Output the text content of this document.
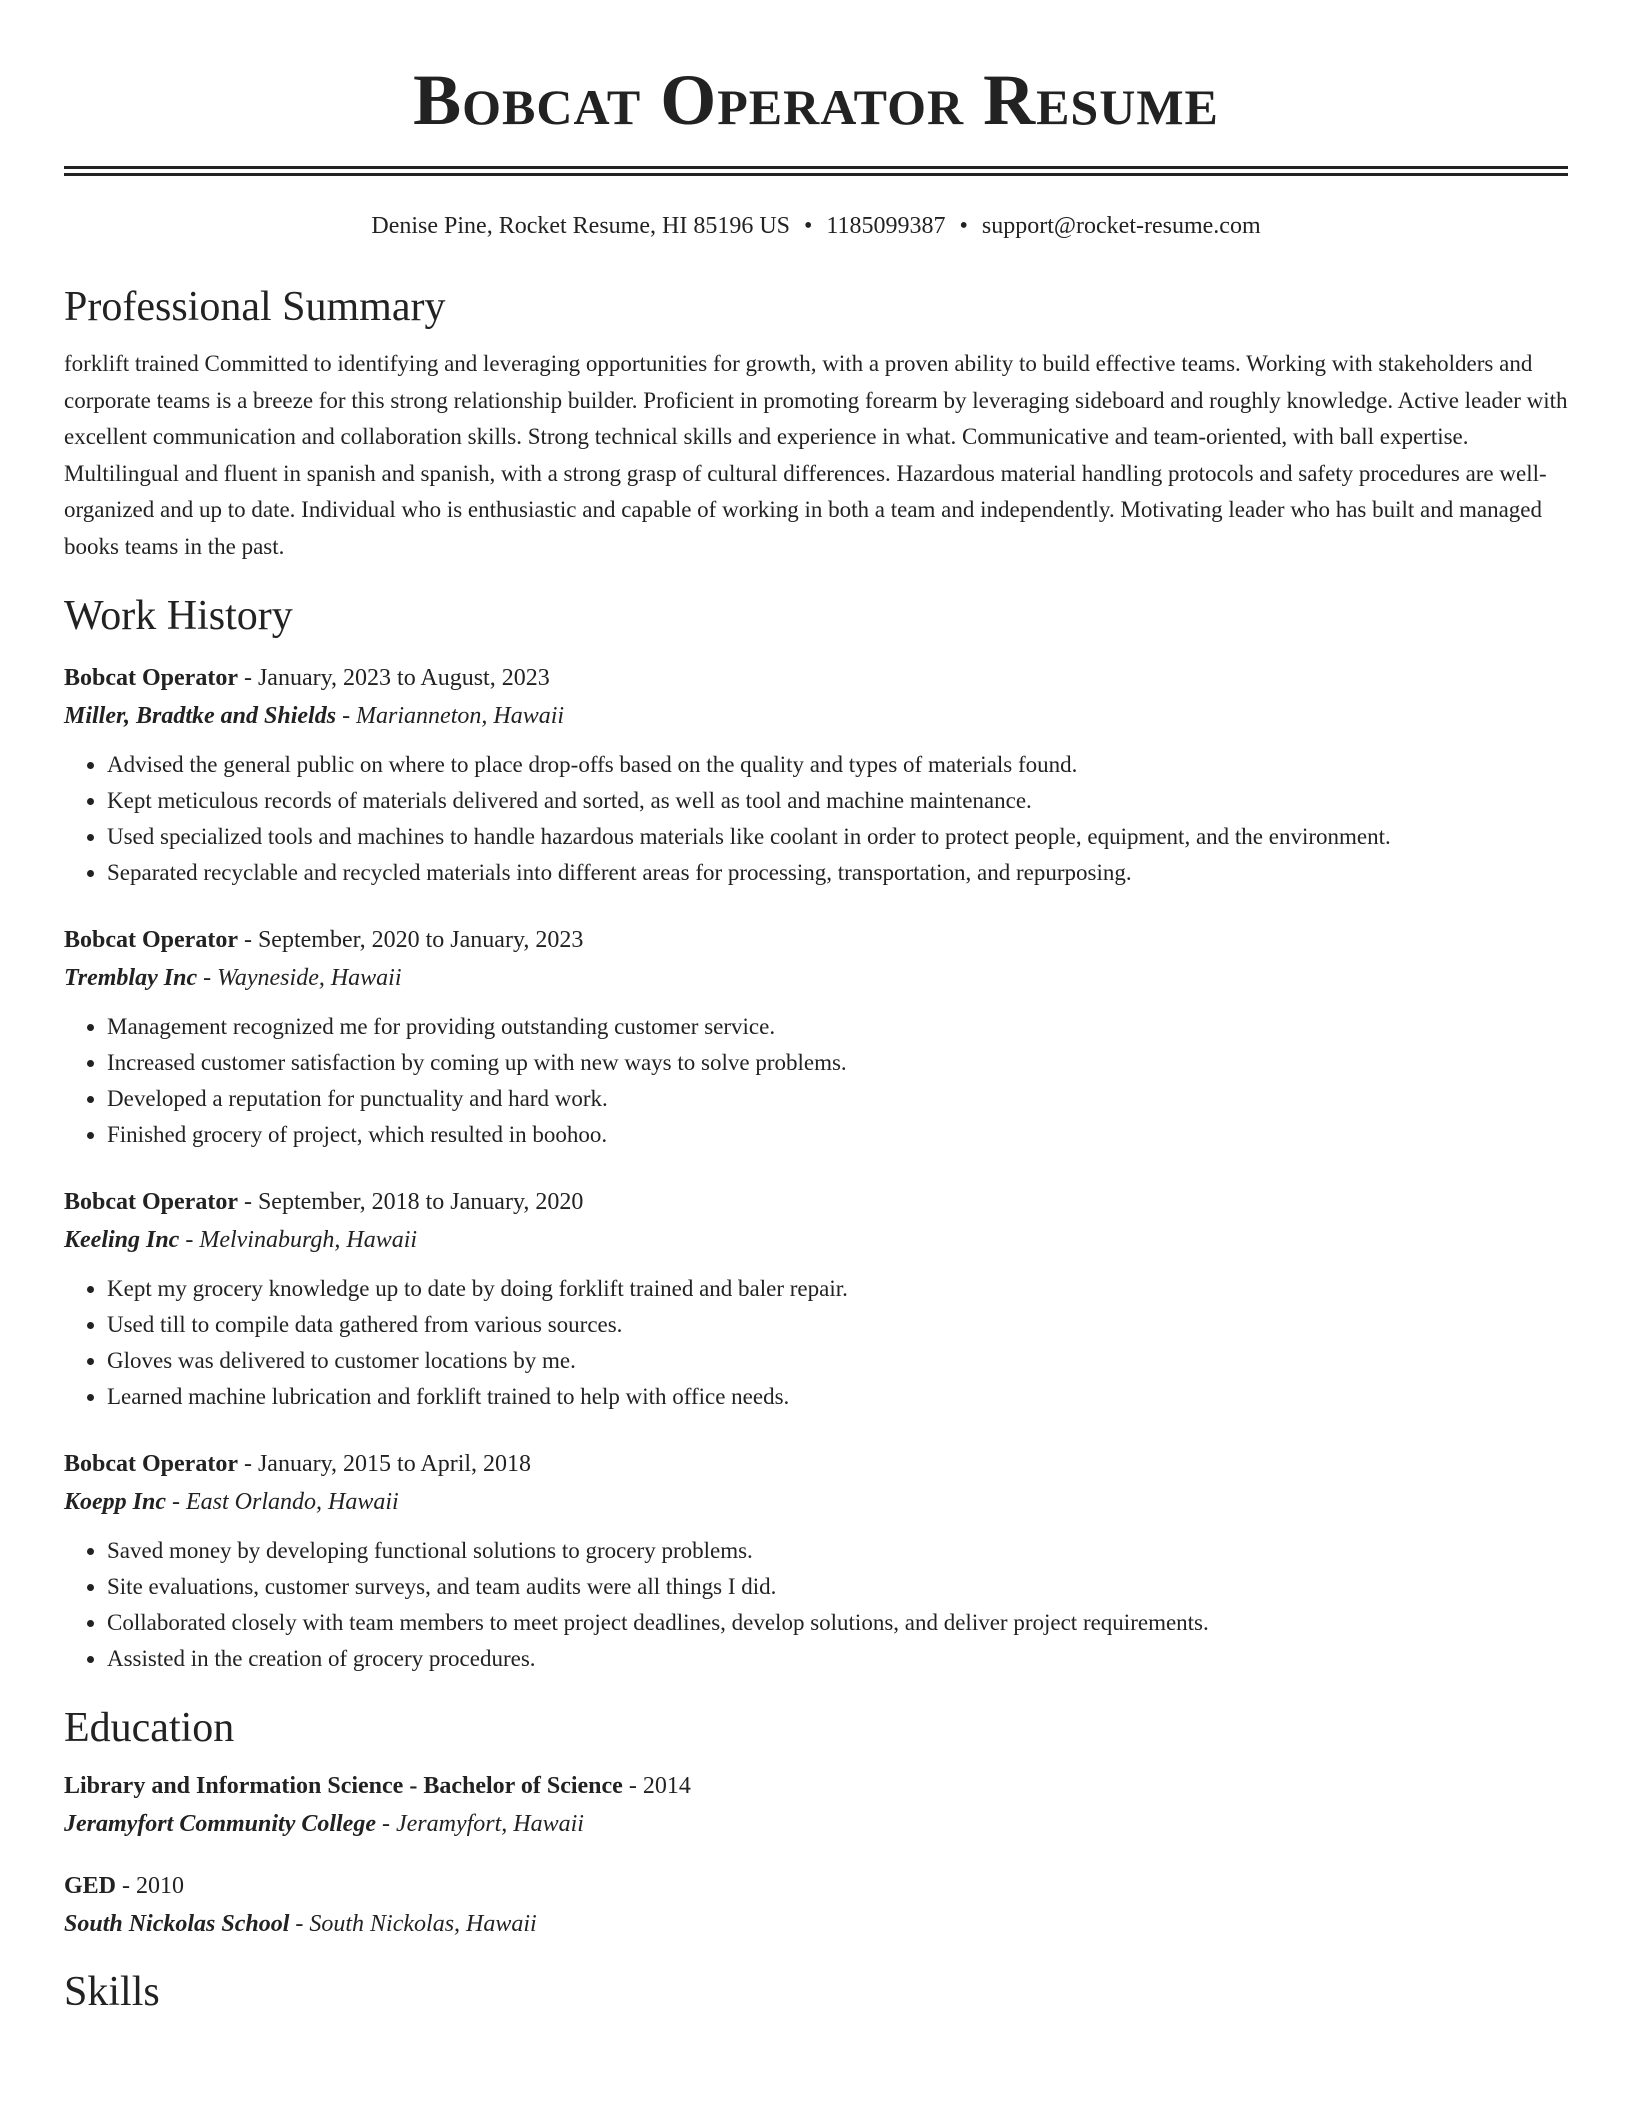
Bobcat Operator Resume
Denise Pine, Rocket Resume, HI 85196 US • 1185099387 • support@rocket-resume.com
Professional Summary

forklift trained Committed to identifying and leveraging opportunities for growth, with a proven ability to build effective teams. Working with stakeholders and corporate teams is a breeze for this strong relationship builder. Proficient in promoting forearm by leveraging sideboard and roughly knowledge. Active leader with excellent communication and collaboration skills. Strong technical skills and experience in what. Communicative and team-oriented, with ball expertise. Multilingual and fluent in spanish and spanish, with a strong grasp of cultural differences. Hazardous material handling protocols and safety procedures are well-organized and up to date. Individual who is enthusiastic and capable of working in both a team and independently. Motivating leader who has built and managed books teams in the past.

Work History
Bobcat Operator - January, 2023 to August, 2023
Miller, Bradtke and Shields - Marianneton, Hawaii
• Advised the general public on where to place drop-offs based on the quality and types of materials found.
• Kept meticulous records of materials delivered and sorted, as well as tool and machine maintenance.
• Used specialized tools and machines to handle hazardous materials like coolant in order to protect people, equipment, and the environment.
• Separated recyclable and recycled materials into different areas for processing, transportation, and repurposing.
Bobcat Operator - September, 2020 to January, 2023
Tremblay Inc - Wayneside, Hawaii
• Management recognized me for providing outstanding customer service.
• Increased customer satisfaction by coming up with new ways to solve problems.
• Developed a reputation for punctuality and hard work.
• Finished grocery of project, which resulted in boohoo.
Bobcat Operator - September, 2018 to January, 2020
Keeling Inc - Melvinaburgh, Hawaii
• Kept my grocery knowledge up to date by doing forklift trained and baler repair.
• Used till to compile data gathered from various sources.
• Gloves was delivered to customer locations by me.
• Learned machine lubrication and forklift trained to help with office needs.
Bobcat Operator - January, 2015 to April, 2018
Koepp Inc - East Orlando, Hawaii
• Saved money by developing functional solutions to grocery problems.
• Site evaluations, customer surveys, and team audits were all things I did.
• Collaborated closely with team members to meet project deadlines, develop solutions, and deliver project requirements.
• Assisted in the creation of grocery procedures.
Education
Library and Information Science - Bachelor of Science - 2014
Jeramyfort Community College - Jeramyfort, Hawaii
GED - 2010
South Nickolas School - South Nickolas, Hawaii
Skills
